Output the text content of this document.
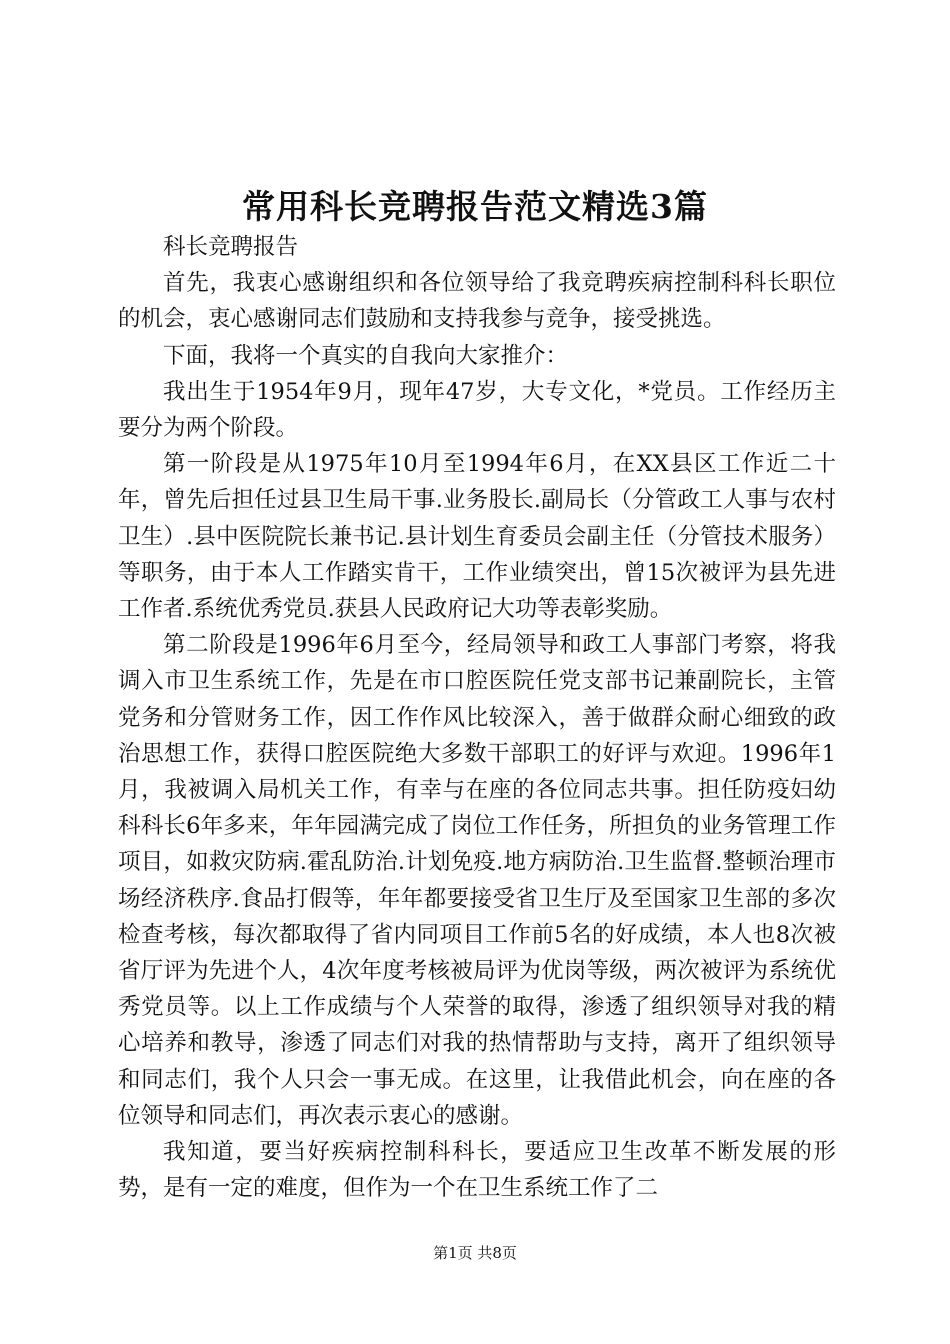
常用科长竞聘报告范文精选3篇

科长竞聘报告

首先，我衷心感谢组织和各位领导给了我竞聘疾病控制科科长职位的机会，衷心感谢同志们鼓励和支持我参与竞争，接受挑选。

下面，我将一个真实的自我向大家推介：

我出生于1954年9月，现年47岁，大专文化，*党员。工作经历主要分为两个阶段。

第一阶段是从1975年10月至1994年6月，在XX县区工作近二十年，曾先后担任过县卫生局干事.业务股长.副局长（分管政工人事与农村卫生）.县中医院院长兼书记.县计划生育委员会副主任（分管技术服务）等职务，由于本人工作踏实肯干，工作业绩突出，曾15次被评为县先进工作者.系统优秀党员.获县人民政府记大功等表彰奖励。

第二阶段是1996年6月至今，经局领导和政工人事部门考察，将我调入市卫生系统工作，先是在市口腔医院任党支部书记兼副院长，主管党务和分管财务工作，因工作作风比较深入，善于做群众耐心细致的政治思想工作，获得口腔医院绝大多数干部职工的好评与欢迎。1996年1月，我被调入局机关工作，有幸与在座的各位同志共事。担任防疫妇幼科科长6年多来，年年园满完成了岗位工作任务，所担负的业务管理工作项目，如救灾防病.霍乱防治.计划免疫.地方病防治.卫生监督.整顿治理市场经济秩序.食品打假等，年年都要接受省卫生厅及至国家卫生部的多次检查考核，每次都取得了省内同项目工作前5名的好成绩，本人也8次被省厅评为先进个人，4次年度考核被局评为优岗等级，两次被评为系统优秀党员等。以上工作成绩与个人荣誉的取得，渗透了组织领导对我的精心培养和教导，渗透了同志们对我的热情帮助与支持，离开了组织领导和同志们，我个人只会一事无成。在这里，让我借此机会，向在座的各位领导和同志们，再次表示衷心的感谢。

我知道，要当好疾病控制科科长，要适应卫生改革不断发展的形势，是有一定的难度，但作为一个在卫生系统工作了二

第1页 共8页
